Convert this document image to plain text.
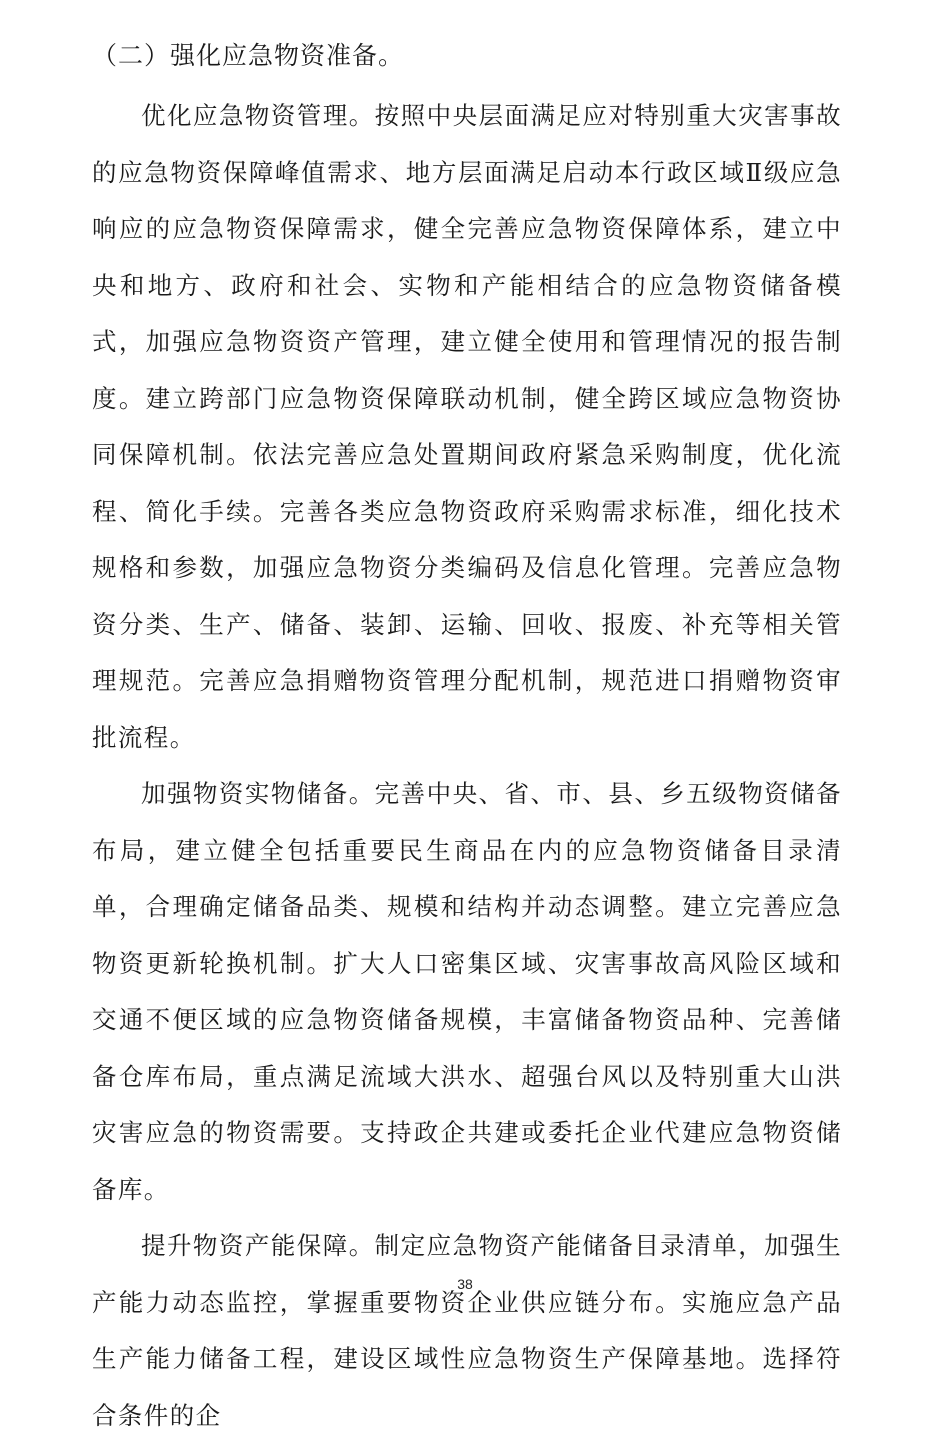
（二）强化应急物资准备。

优化应急物资管理。按照中央层面满足应对特别重大灾害事故的应急物资保障峰值需求、地方层面满足启动本行政区域Ⅱ级应急响应的应急物资保障需求，健全完善应急物资保障体系，建立中央和地方、政府和社会、实物和产能相结合的应急物资储备模式，加强应急物资资产管理，建立健全使用和管理情况的报告制度。建立跨部门应急物资保障联动机制，健全跨区域应急物资协同保障机制。依法完善应急处置期间政府紧急采购制度，优化流程、简化手续。完善各类应急物资政府采购需求标准，细化技术规格和参数，加强应急物资分类编码及信息化管理。完善应急物资分类、生产、储备、装卸、运输、回收、报废、补充等相关管理规范。完善应急捐赠物资管理分配机制，规范进口捐赠物资审批流程。

加强物资实物储备。完善中央、省、市、县、乡五级物资储备布局，建立健全包括重要民生商品在内的应急物资储备目录清单，合理确定储备品类、规模和结构并动态调整。建立完善应急物资更新轮换机制。扩大人口密集区域、灾害事故高风险区域和交通不便区域的应急物资储备规模，丰富储备物资品种、完善储备仓库布局，重点满足流域大洪水、超强台风以及特别重大山洪灾害应急的物资需要。支持政企共建或委托企业代建应急物资储备库。

提升物资产能保障。制定应急物资产能储备目录清单，加强生产能力动态监控，掌握重要物资企业供应链分布。实施应急产品生产能力储备工程，建设区域性应急物资生产保障基地。选择符合条件的企

38
